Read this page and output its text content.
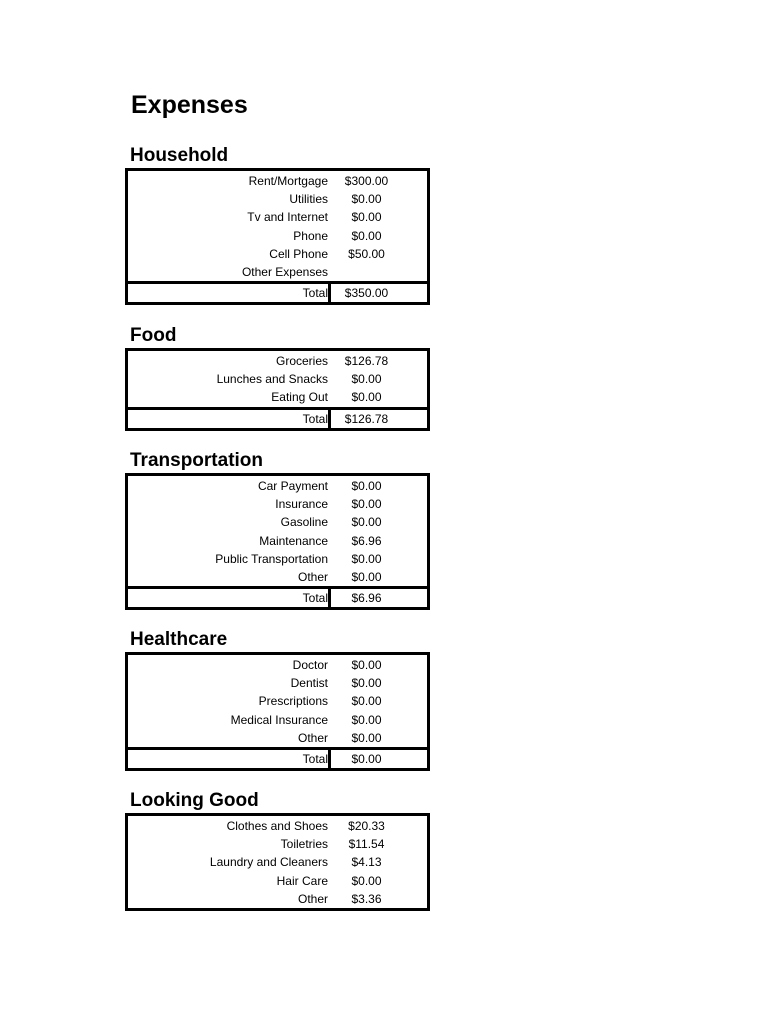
Expenses
Household
Rent/Mortgage	$300.00
Utilities	$0.00
Tv and Internet	$0.00
Phone	$0.00
Cell Phone	$50.00
Other Expenses
Total	$350.00
Food
Groceries	$126.78
Lunches and Snacks	$0.00
Eating Out	$0.00
Total	$126.78
Transportation
Car Payment	$0.00
Insurance	$0.00
Gasoline	$0.00
Maintenance	$6.96
Public Transportation	$0.00
Other	$0.00
Total	$6.96
Healthcare
Doctor	$0.00
Dentist	$0.00
Prescriptions	$0.00
Medical Insurance	$0.00
Other	$0.00
Total	$0.00
Looking Good
Clothes and Shoes	$20.33
Toiletries	$11.54
Laundry and Cleaners	$4.13
Hair Care	$0.00
Other	$3.36
